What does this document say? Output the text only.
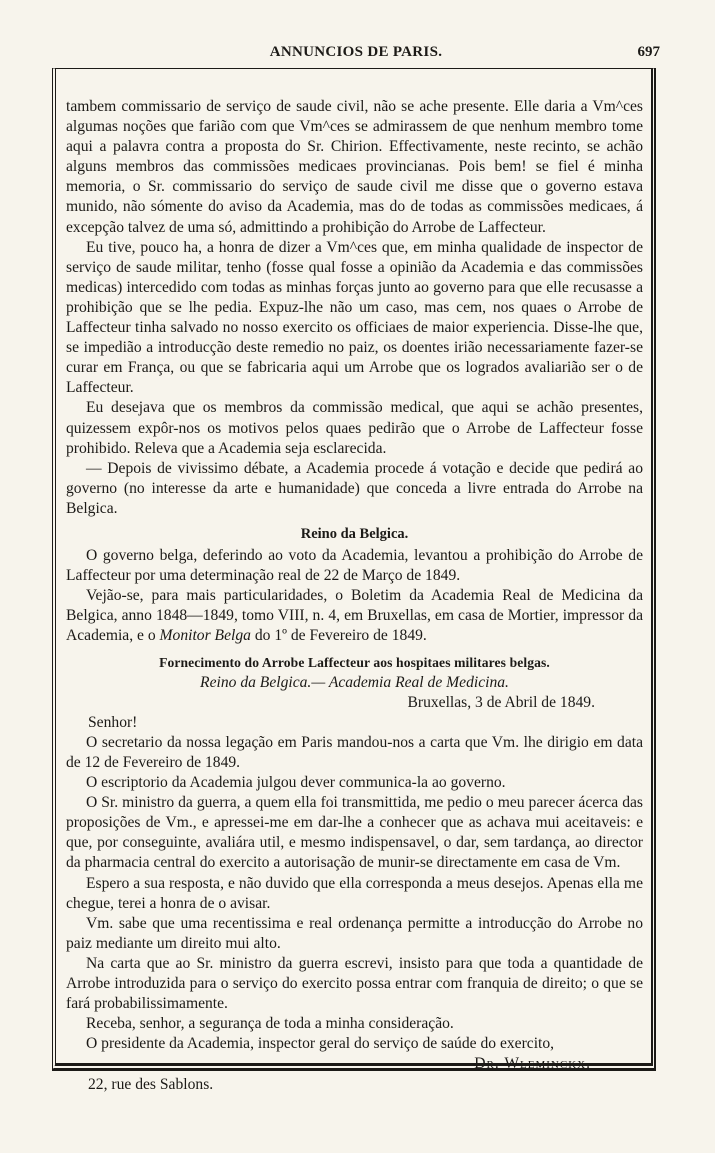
ANNUNCIOS DE PARIS.	697

tambem commissario de serviço de saude civil, não se ache presente. Elle daria a Vm^ces algumas noções que farião com que Vm^ces se admirassem de que nenhum membro tome aqui a palavra contra a proposta do Sr. Chirion. Effectivamente, neste recinto, se achão alguns membros das commissões medicaes provincianas. Pois bem! se fiel é minha memoria, o Sr. commissario do serviço de saude civil me disse que o governo estava munido, não sómente do aviso da Academia, mas do de todas as commissões medicaes, á excepção talvez de uma só, admittindo a prohibição do Arrobe de Laffecteur.

Eu tive, pouco ha, a honra de dizer a Vm^ces que, em minha qualidade de inspector de serviço de saude militar, tenho (fosse qual fosse a opinião da Academia e das commissões medicas) intercedido com todas as minhas forças junto ao governo para que elle recusasse a prohibição que se lhe pedia. Expuz-lhe não um caso, mas cem, nos quaes o Arrobe de Laffecteur tinha salvado no nosso exercito os officiaes de maior experiencia. Disse-lhe que, se impedião a introducção deste remedio no paiz, os doentes irião necessariamente fazer-se curar em França, ou que se fabricaria aqui um Arrobe que os logrados avaliarião ser o de Laffecteur.

Eu desejava que os membros da commissão medical, que aqui se achão presentes, quizessem expôr-nos os motivos pelos quaes pedirão que o Arrobe de Laffecteur fosse prohibido. Releva que a Academia seja esclarecida.

— Depois de vivissimo débate, a Academia procede á votação e decide que pedirá ao governo (no interesse da arte e humanidade) que conceda a livre entrada do Arrobe na Belgica.

Reino da Belgica.

O governo belga, deferindo ao voto da Academia, levantou a prohibição do Arrobe de Laffecteur por uma determinação real de 22 de Março de 1849.

Vejão-se, para mais particularidades, o Boletim da Academia Real de Medicina da Belgica, anno 1848—1849, tomo VIII, n. 4, em Bruxellas, em casa de Mortier, impressor da Academia, e o Monitor Belga do 1º de Fevereiro de 1849.

Fornecimento do Arrobe Laffecteur aos hospitaes militares belgas.

Reino da Belgica.— Academia Real de Medicina.

Bruxellas, 3 de Abril de 1849.

Senhor!

O secretario da nossa legação em Paris mandou-nos a carta que Vm. lhe dirigio em data de 12 de Fevereiro de 1849.

O escriptorio da Academia julgou dever communica-la ao governo.

O Sr. ministro da guerra, a quem ella foi transmittida, me pedio o meu parecer ácerca das proposições de Vm., e apressei-me em dar-lhe a conhecer que as achava mui aceitaveis: e que, por conseguinte, avaliára util, e mesmo indispensavel, o dar, sem tardança, ao director da pharmacia central do exercito a autorisação de munir-se directamente em casa de Vm.

Espero a sua resposta, e não duvido que ella corresponda a meus desejos. Apenas ella me chegue, terei a honra de o avisar.

Vm. sabe que uma recentissima e real ordenança permitte a introducção do Arrobe no paiz mediante um direito mui alto.

Na carta que ao Sr. ministro da guerra escrevi, insisto para que toda a quantidade de Arrobe introduzida para o serviço do exercito possa entrar com franquia de direito; o que se fará probabilissimamente.

Receba, senhor, a segurança de toda a minha consideração.

O presidente da Academia, inspector geral do serviço de saúde do exercito,

Dr. Wleminckx.

22, rue des Sablons.
